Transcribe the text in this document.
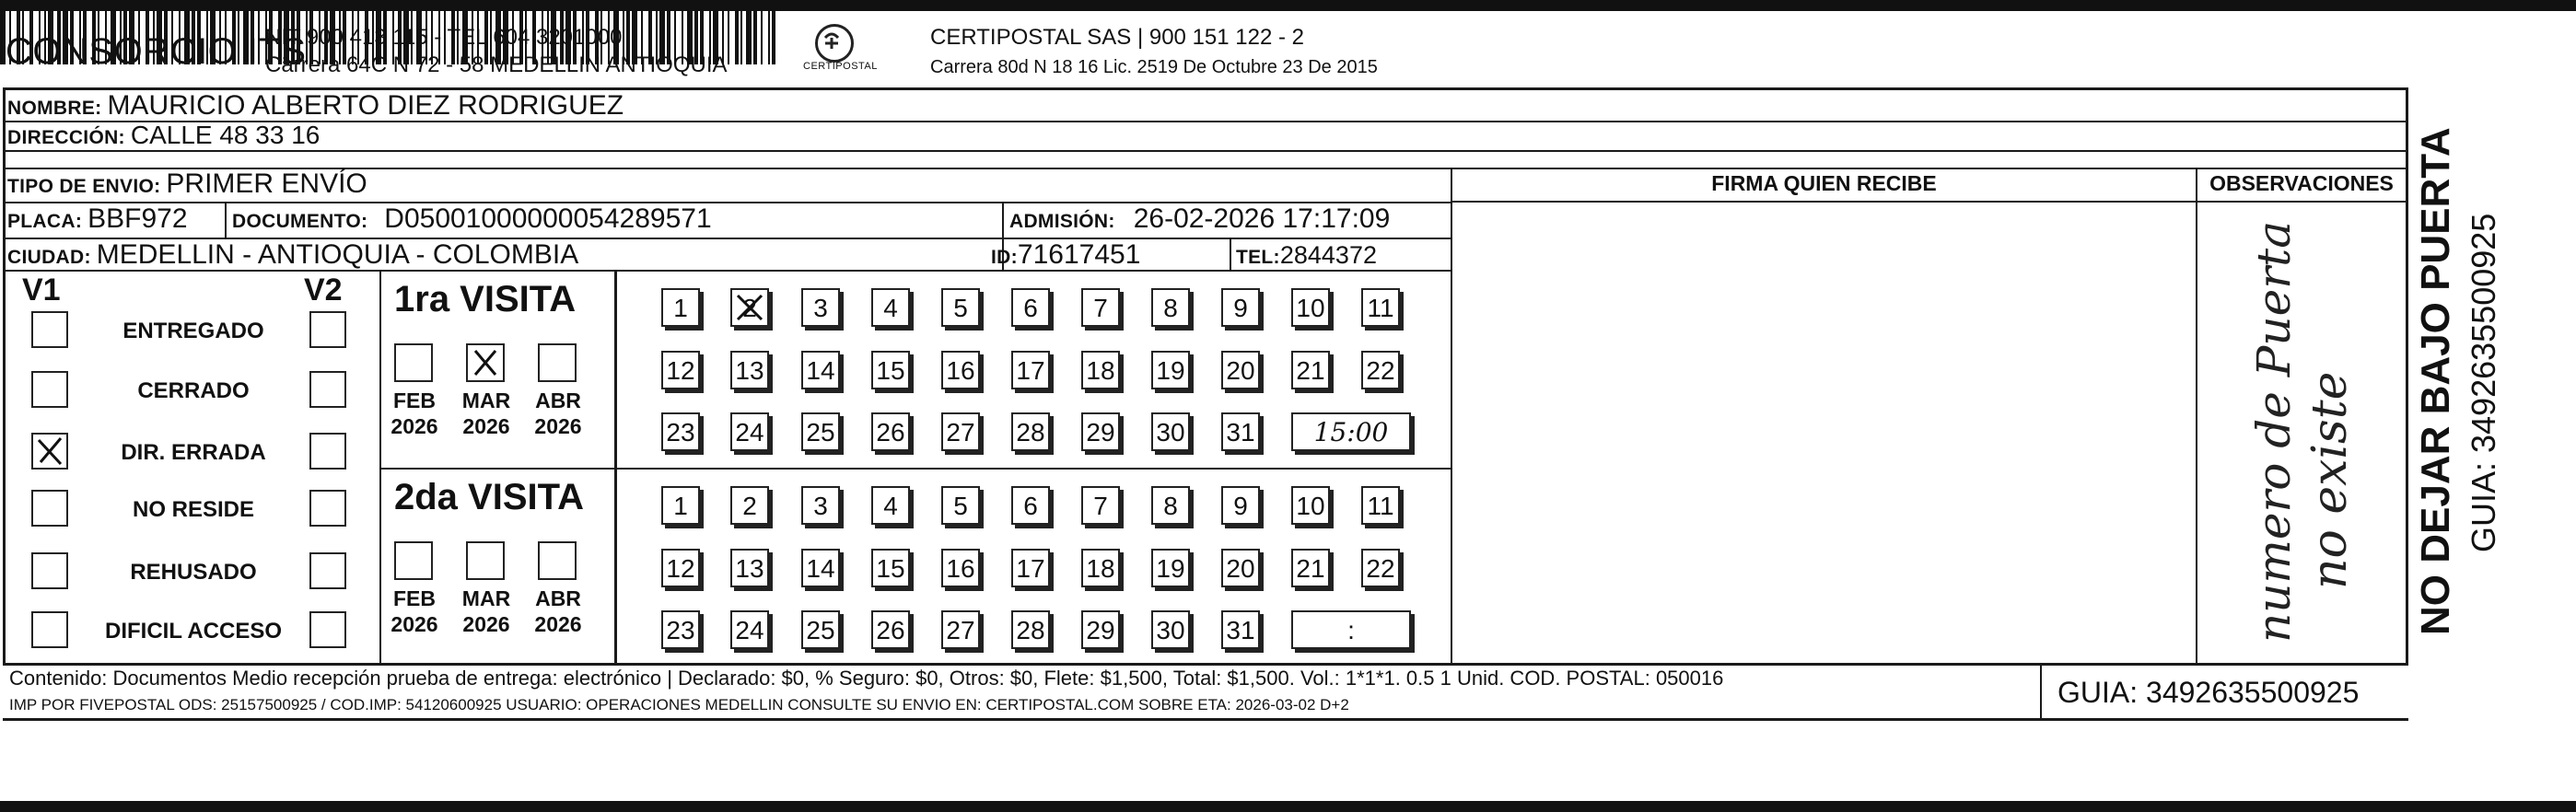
CONSORCIO ITS
NIT 900 413 115 - TEL 604 3201000
Carrera 64C N 72 - 58 MEDELLIN ANTIOQUIA	CERTIPOSTAL
CERTIPOSTAL SAS | 900 151 122 - 2
Carrera 80d N 18 16 Lic. 2519 De Octubre 23 De 2015
NOMBRE: MAURICIO ALBERTO DIEZ RODRIGUEZ
DIRECCIÓN: CALLE 48 33 16
TIPO DE ENVIO: PRIMER ENVÍO
PLACA: BBF972 DOCUMENTO: D05001000000054289571	ADMISIÓN: 26-02-2026 17:17:09
CIUDAD: MEDELLIN - ANTIOQUIA - COLOMBIA	ID: 71617451	TEL: 2844372
FIRMA QUIEN RECIBE	OBSERVACIONES
V1	V2
ENTREGADO
CERRADO
DIR. ERRADA
NO RESIDE
REHUSADO
DIFICIL ACCESO
1ra VISITA
FEB
2026
MAR
2026
ABR
2026
1	2	3	4	5	6	7	8	9	10 11
12 13 14 15 16 17 18 19 20 21 22
23 24 25 26 27 28 29 30 31	15:00
2da VISITA
FEB
2026
MAR
2026
ABR
2026
1	2	3	4	5	6	7	8	9	10 11
12 13 14 15 16 17 18 19 20 21 22
23 24 25 26 27 28 29 30 31	:	numero de Puerta no existe
Contenido: Documentos Medio recepción prueba de entrega: electrónico | Declarado: $0, % Seguro: $0, Otros: $0, Flete: $1,500, Total: $1,500. Vol.: 1*1*1. 0.5 1 Unid. COD. POSTAL: 050016
IMP POR FIVEPOSTAL ODS: 25157500925 / COD.IMP: 54120600925 USUARIO: OPERACIONES MEDELLIN CONSULTE SU ENVIO EN: CERTIPOSTAL.COM SOBRE ETA: 2026-03-02 D+2	GUIA: 3492635500925
NO DEJAR BAJO PUERTA GUIA: 3492635500925
